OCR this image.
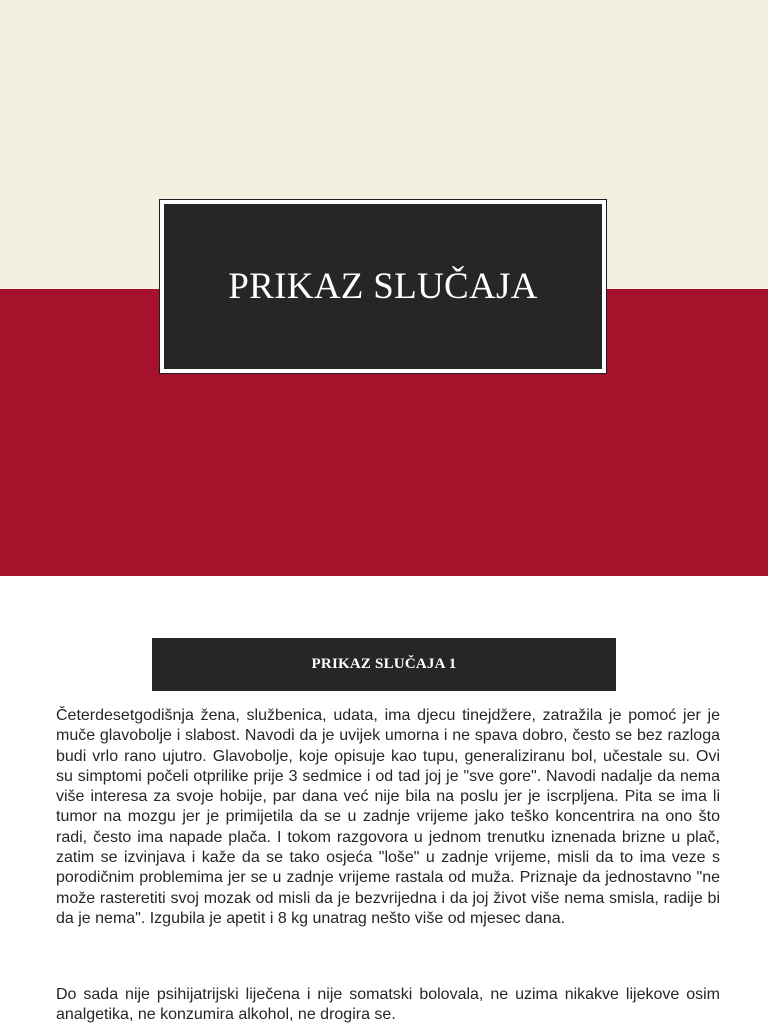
PRIKAZ SLUČAJA
PRIKAZ SLUČAJA 1

Četerdesetgodišnja žena, službenica, udata, ima djecu tinejdžere, zatražila je pomoć jer je muče glavobolje i slabost. Navodi da je uvijek umorna i ne spava dobro, često se bez razloga budi vrlo rano ujutro. Glavobolje, koje opisuje kao tupu, generaliziranu bol, učestale su. Ovi su simptomi počeli otprilike prije 3 sedmice i od tad joj je "sve gore". Navodi nadalje da nema više interesa za svoje hobije, par dana već nije bila na poslu jer je iscrpljena. Pita se ima li tumor na mozgu jer je primijetila da se u zadnje vrijeme jako teško koncentrira na ono što radi, često ima napade plača. I tokom razgovora u jednom trenutku iznenada brizne u plač, zatim se izvinjava i kaže da se tako osjeća "loše" u zadnje vrijeme, misli da to ima veze s porodičnim problemima jer se u zadnje vrijeme rastala od muža. Priznaje da jednostavno "ne može rasteretiti svoj mozak od misli da je bezvrijedna i da joj život više nema smisla, radije bi da je nema". Izgubila je apetit i 8 kg unatrag nešto više od mjesec dana.

Do sada nije psihijatrijski liječena i nije somatski bolovala, ne uzima nikakve lijekove osim analgetika, ne konzumira alkohol, ne drogira se.
